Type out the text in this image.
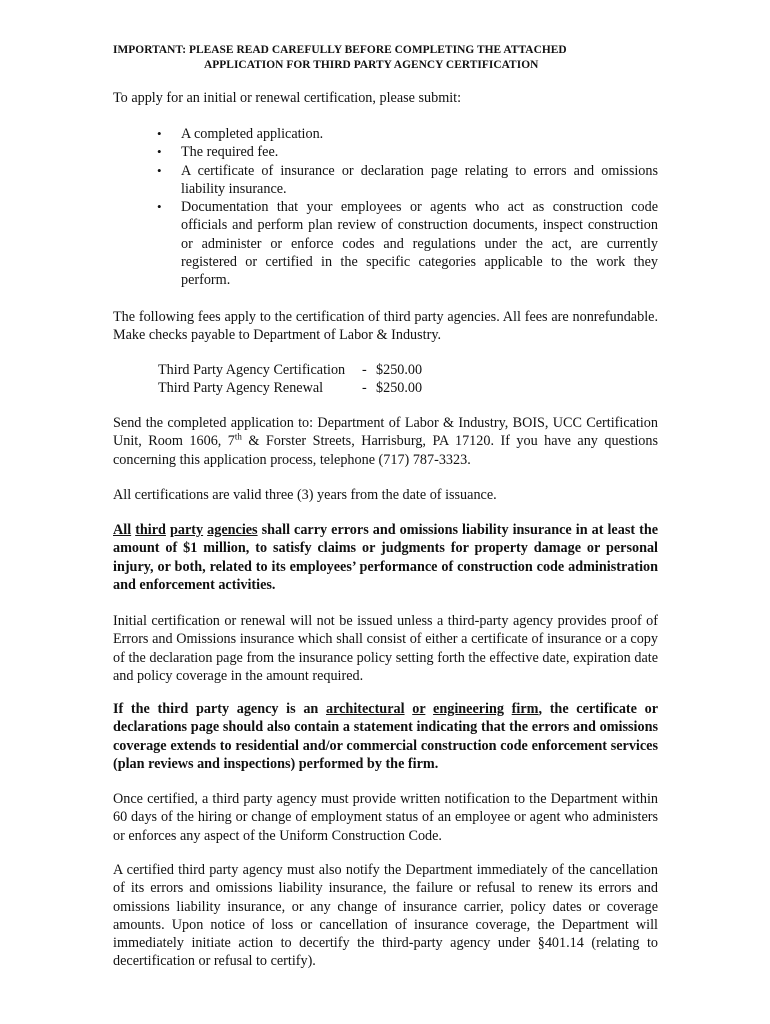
IMPORTANT: PLEASE READ CAREFULLY BEFORE COMPLETING THE ATTACHED
APPLICATION FOR THIRD PARTY AGENCY CERTIFICATION
To apply for an initial or renewal certification, please submit:
• A completed application.
• The required fee.
• A certificate of insurance or declaration page relating to errors and omissions liability insurance.
• Documentation that your employees or agents who act as construction code officials and perform plan review of construction documents, inspect construction or administer or enforce codes and regulations under the act, are currently registered or certified in the specific categories applicable to the work they perform.
The following fees apply to the certification of third party agencies. All fees are nonrefundable. Make checks payable to Department of Labor & Industry.
Third Party Agency Certification	-	$250.00
Third Party Agency Renewal	-	$250.00
Send the completed application to: Department of Labor & Industry, BOIS, UCC Certification Unit, Room 1606, 7th & Forster Streets, Harrisburg, PA 17120. If you have any questions concerning this application process, telephone (717) 787-3323.
All certifications are valid three (3) years from the date of issuance.
All third party agencies shall carry errors and omissions liability insurance in at least the amount of $1 million, to satisfy claims or judgments for property damage or personal injury, or both, related to its employees’ performance of construction code administration and enforcement activities.
Initial certification or renewal will not be issued unless a third-party agency provides proof of Errors and Omissions insurance which shall consist of either a certificate of insurance or a copy of the declaration page from the insurance policy setting forth the effective date, expiration date and policy coverage in the amount required.
If the third party agency is an architectural or engineering firm, the certificate or declarations page should also contain a statement indicating that the errors and omissions coverage extends to residential and/or commercial construction code enforcement services (plan reviews and inspections) performed by the firm.
Once certified, a third party agency must provide written notification to the Department within 60 days of the hiring or change of employment status of an employee or agent who administers or enforces any aspect of the Uniform Construction Code.
A certified third party agency must also notify the Department immediately of the cancellation of its errors and omissions liability insurance, the failure or refusal to renew its errors and omissions liability insurance, or any change of insurance carrier, policy dates or coverage amounts. Upon notice of loss or cancellation of insurance coverage, the Department will immediately initiate action to decertify the third-party agency under §401.14 (relating to decertification or refusal to certify).
